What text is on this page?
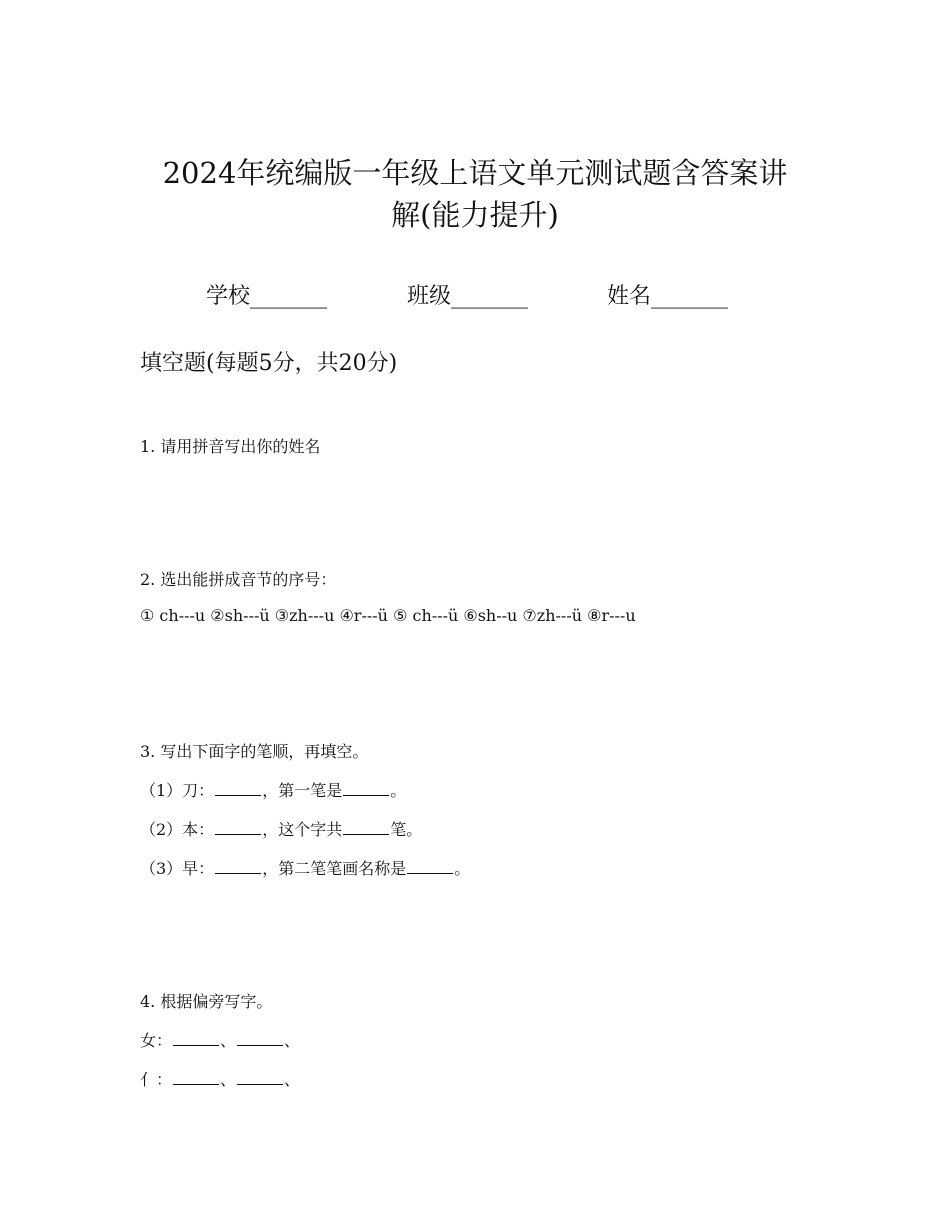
2024年统编版一年级上语文单元测试题含答案讲
解(能力提升)
学校_______	班级_______	姓名_______
填空题(每题5分，共20分)
1. 请用拼音写出你的姓名
2. 选出能拼成音节的序号：
① ch---u ②sh---ü ③zh---u ④r---ü ⑤ ch---ü ⑥sh--u ⑦zh---ü ⑧r---u
3. 写出下面字的笔顺，再填空。
（1）刀：	，第一笔是	。
（2）本：	，这个字共	笔。
（3）早：	，第二笔笔画名称是	。
4. 根据偏旁写字。
女：	、	、
亻：	、	、
